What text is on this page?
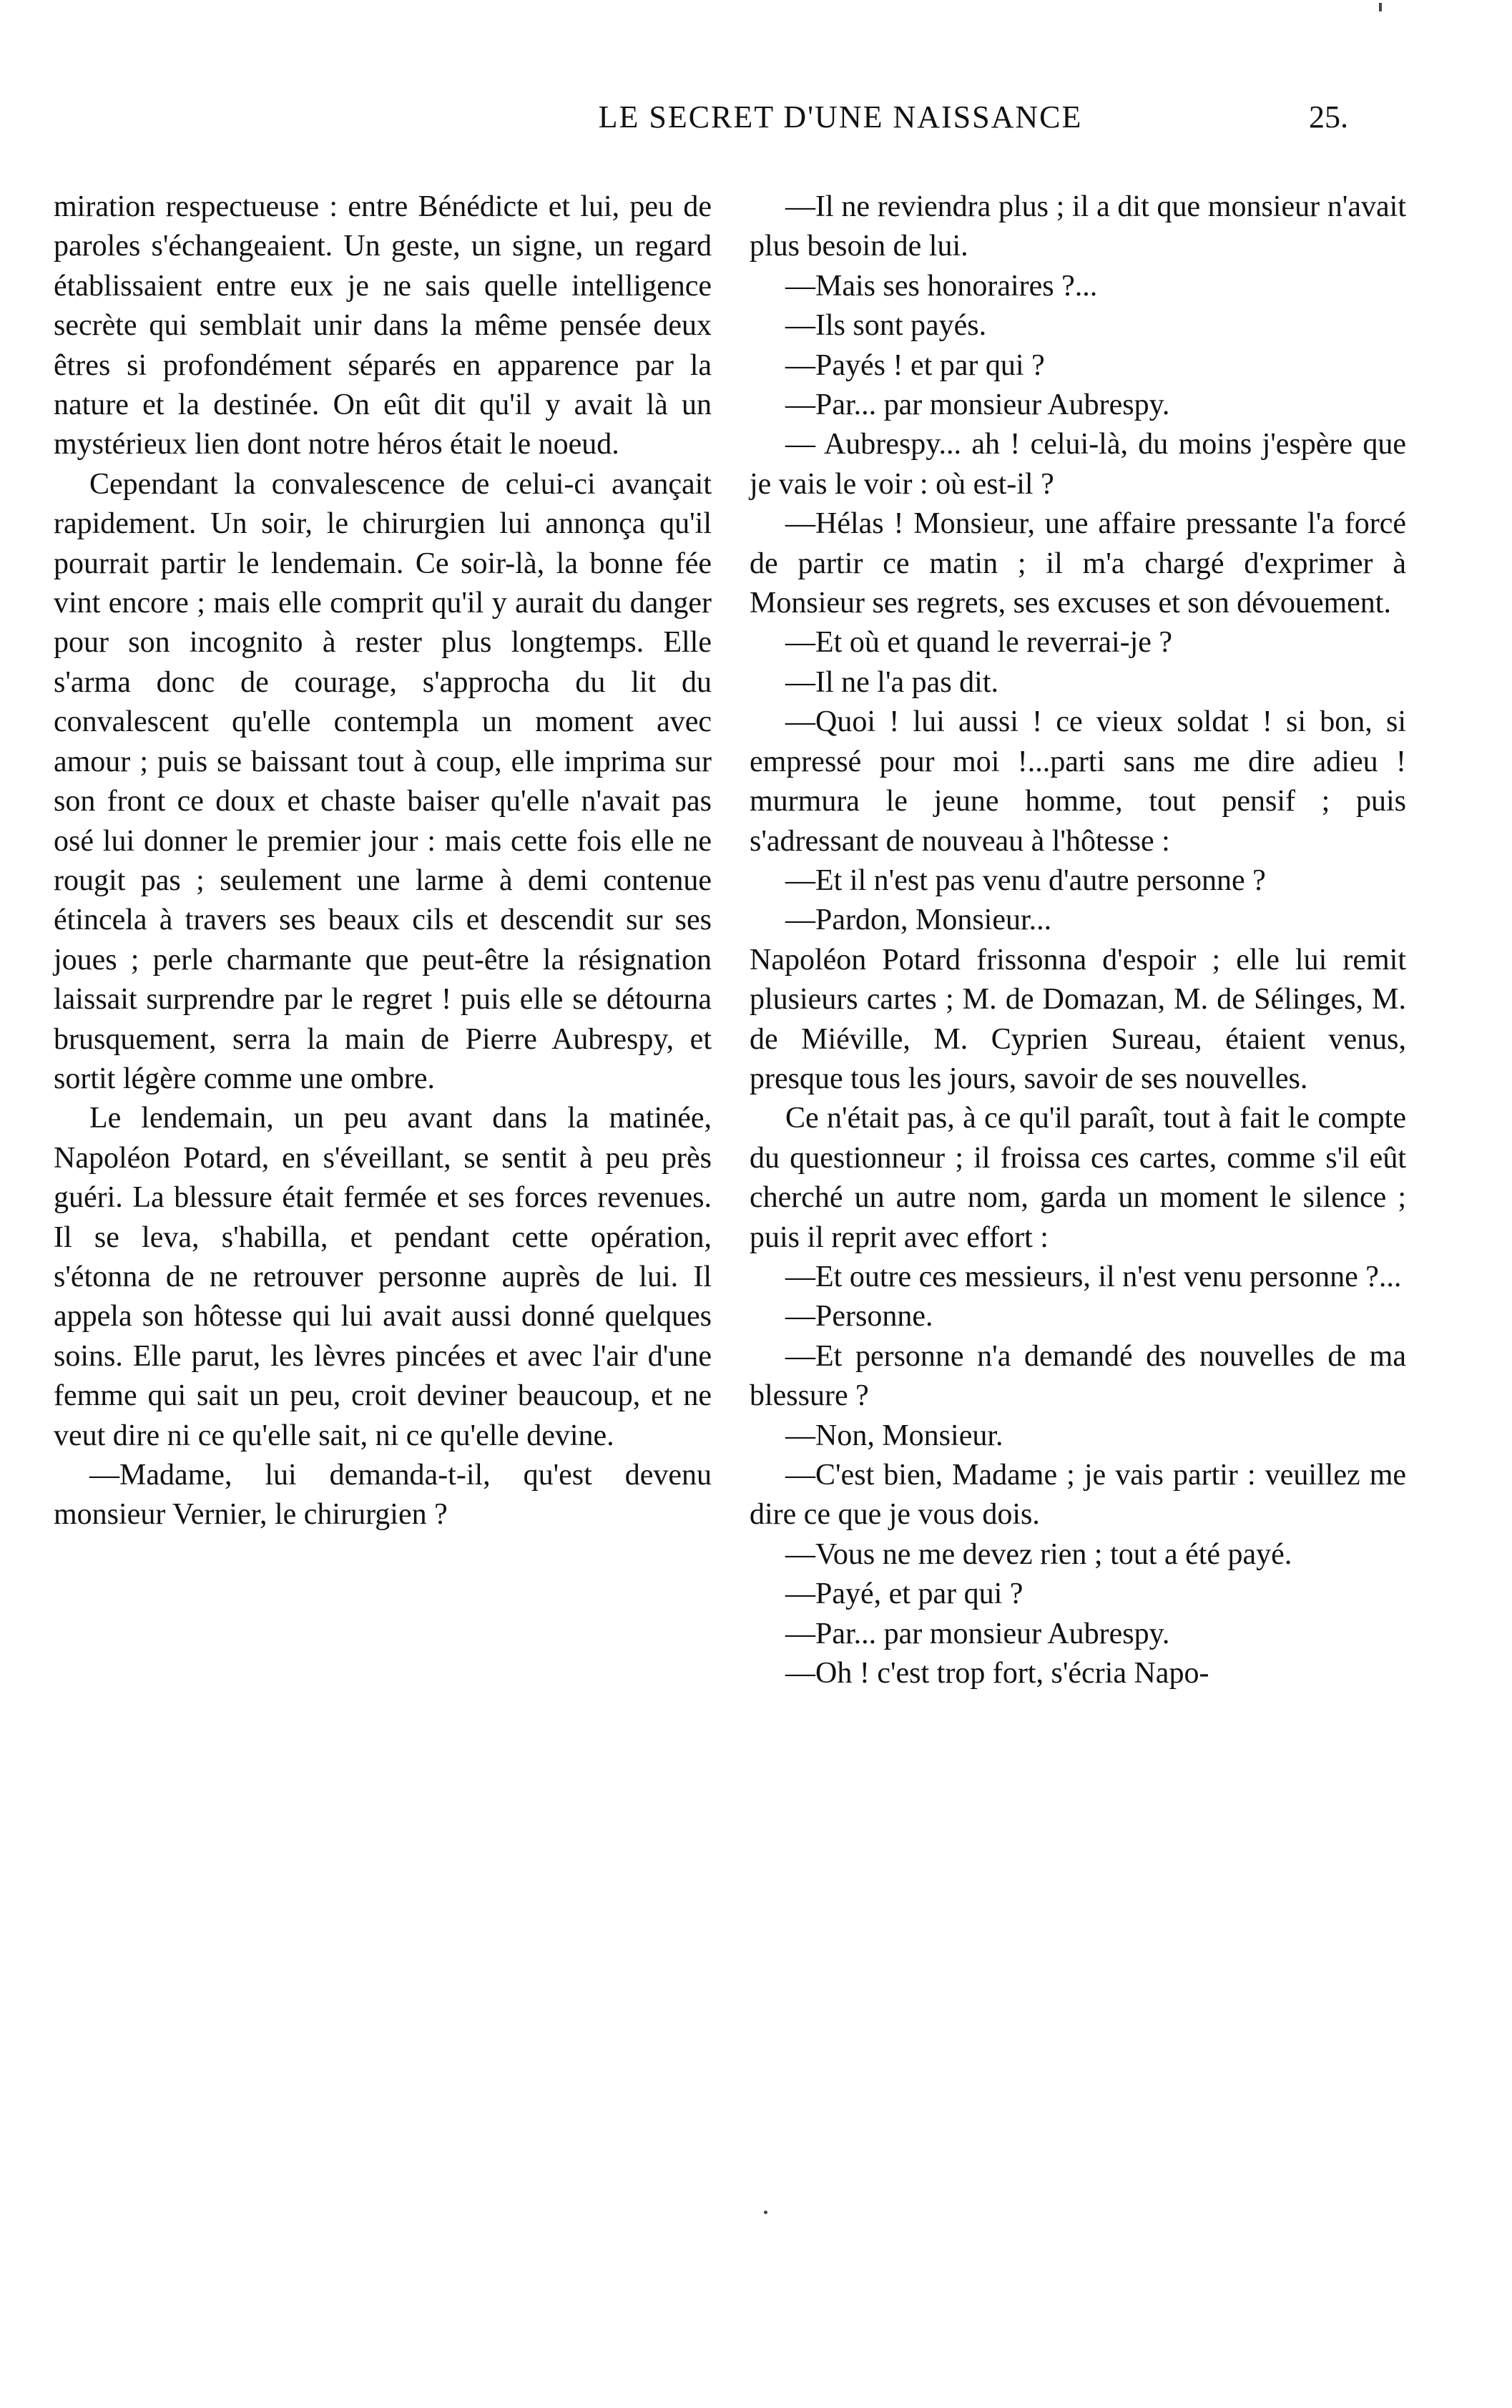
LE SECRET D'UNE NAISSANCE	25.

miration respectueuse : entre Bénédicte et lui, peu de paroles s'échangeaient. Un geste, un signe, un regard établissaient entre eux je ne sais quelle intelligence secrète qui semblait unir dans la même pensée deux êtres si profondément séparés en apparence par la nature et la destinée. On eût dit qu'il y avait là un mystérieux lien dont notre héros était le noeud.

Cependant la convalescence de celui-ci avançait rapidement. Un soir, le chirurgien lui annonça qu'il pourrait partir le lendemain. Ce soir-là, la bonne fée vint encore ; mais elle comprit qu'il y aurait du danger pour son incognito à rester plus longtemps. Elle s'arma donc de courage, s'approcha du lit du convalescent qu'elle contempla un moment avec amour ; puis se baissant tout à coup, elle imprima sur son front ce doux et chaste baiser qu'elle n'avait pas osé lui donner le premier jour : mais cette fois elle ne rougit pas ; seulement une larme à demi contenue étincela à travers ses beaux cils et descendit sur ses joues ; perle charmante que peut-être la résignation laissait surprendre par le regret ! puis elle se détourna brusquement, serra la main de Pierre Aubrespy, et sortit légère comme une ombre.

Le lendemain, un peu avant dans la matinée, Napoléon Potard, en s'éveillant, se sentit à peu près guéri. La blessure était fermée et ses forces revenues. Il se leva, s'habilla, et pendant cette opération, s'étonna de ne retrouver personne auprès de lui. Il appela son hôtesse qui lui avait aussi donné quelques soins. Elle parut, les lèvres pincées et avec l'air d'une femme qui sait un peu, croit deviner beaucoup, et ne veut dire ni ce qu'elle sait, ni ce qu'elle devine.

—Madame, lui demanda-t-il, qu'est devenu monsieur Vernier, le chirurgien ?

—Il ne reviendra plus ; il a dit que monsieur n'avait plus besoin de lui.

—Mais ses honoraires ?...

—Ils sont payés.

—Payés ! et par qui ?

—Par... par monsieur Aubrespy.

— Aubrespy... ah ! celui-là, du moins j'espère que je vais le voir : où est-il ?

—Hélas ! Monsieur, une affaire pressante l'a forcé de partir ce matin ; il m'a chargé d'exprimer à Monsieur ses regrets, ses excuses et son dévouement.

—Et où et quand le reverrai-je ?

—Il ne l'a pas dit.

—Quoi ! lui aussi ! ce vieux soldat ! si bon, si empressé pour moi !...parti sans me dire adieu ! murmura le jeune homme, tout pensif ; puis s'adressant de nouveau à l'hôtesse :

—Et il n'est pas venu d'autre personne ?

—Pardon, Monsieur...

Napoléon Potard frissonna d'espoir ; elle lui remit plusieurs cartes ; M. de Domazan, M. de Sélinges, M. de Miéville, M. Cyprien Sureau, étaient venus, presque tous les jours, savoir de ses nouvelles.

Ce n'était pas, à ce qu'il paraît, tout à fait le compte du questionneur ; il froissa ces cartes, comme s'il eût cherché un autre nom, garda un moment le silence ; puis il reprit avec effort :

—Et outre ces messieurs, il n'est venu personne ?...

—Personne.

—Et personne n'a demandé des nouvelles de ma blessure ?

—Non, Monsieur.

—C'est bien, Madame ; je vais partir : veuillez me dire ce que je vous dois.

—Vous ne me devez rien ; tout a été payé.

—Payé, et par qui ?

—Par... par monsieur Aubrespy.

—Oh ! c'est trop fort, s'écria Napo-
